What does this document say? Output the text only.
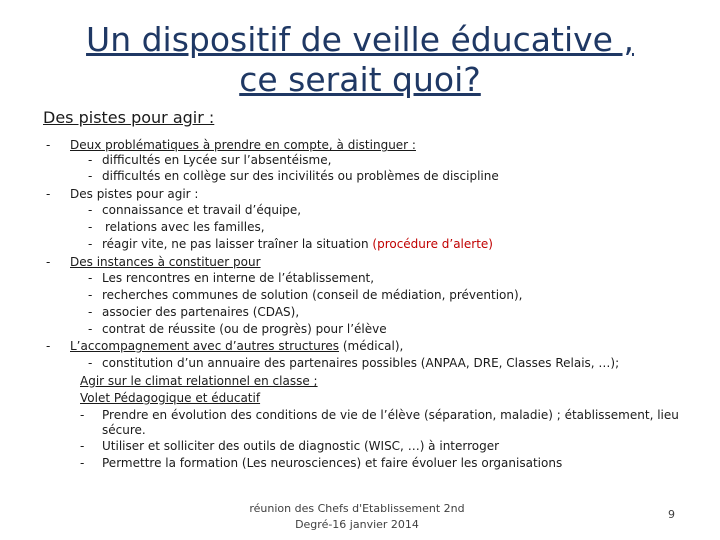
Un dispositif de veille éducative ,
ce serait quoi?
Des pistes pour agir :
- Deux problématiques à prendre en compte, à distinguer :
- difficultés en Lycée sur l’absentéisme,
- difficultés en collège sur des incivilités ou problèmes de discipline
- Des pistes pour agir :
- connaissance et travail d’équipe,
- relations avec les familles,
- réagir vite, ne pas laisser traîner la situation (procédure d’alerte)
- Des instances à constituer pour
- Les rencontres en interne de l’établissement,
- recherches communes de solution (conseil de médiation, prévention),
- associer des partenaires (CDAS),
- contrat de réussite (ou de progrès) pour l’élève
- L’accompagnement avec d’autres structures (médical),
- constitution d’un annuaire des partenaires possibles (ANPAA, DRE, Classes Relais, …);
Agir sur le climat relationnel en classe ;
Volet Pédagogique et éducatif
- Prendre en évolution des conditions de vie de l’élève (séparation, maladie) ; établissement, lieu
sécure.
- Utiliser et solliciter des outils de diagnostic (WISC, …) à interroger
- Permettre la formation (Les neurosciences) et faire évoluer les organisations
réunion des Chefs d'Etablissement 2nd
Degré-16 janvier 2014
9
